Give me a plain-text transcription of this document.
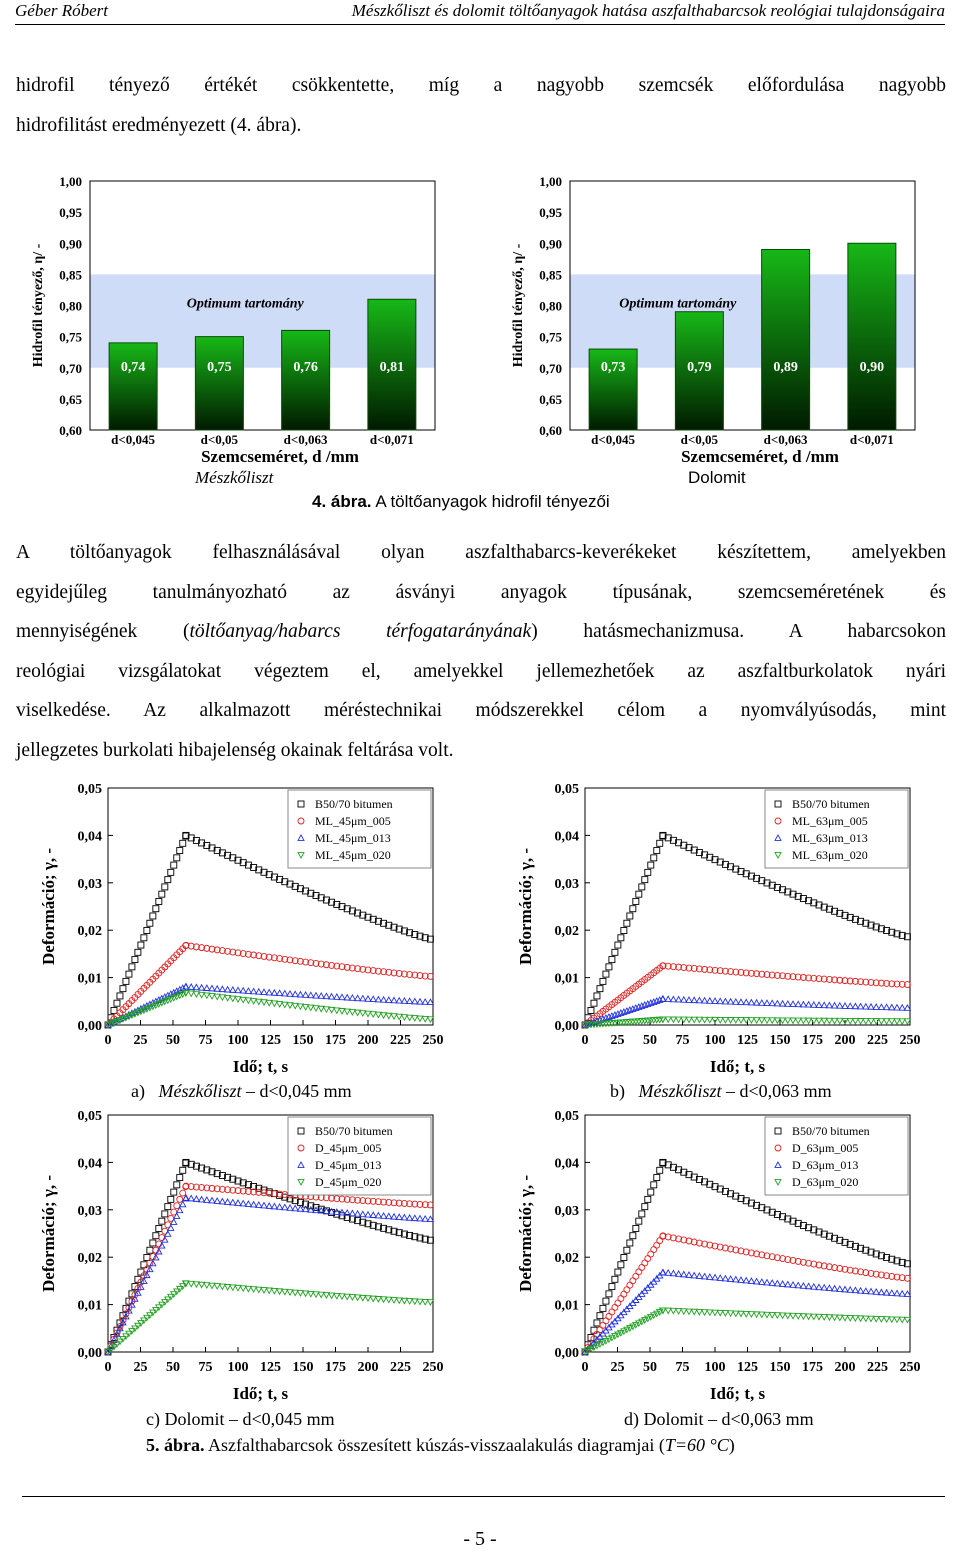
Géber Róbert	Mészkőliszt és dolomit töltőanyagok hatása aszfalthabarcsok reológiai tulajdonságaira
hidrofil tényező értékét csökkentette, míg a nagyobb szemcsék előfordulása nagyobb
hidrofilitást eredményezett (4. ábra).
0,60
0,65
0,70
0,75
0,80
0,85
0,90
0,95
1,00
Hidrofil tényező, η/ -
0,74
d<0,045
0,75
d<0,05
0,76
d<0,063
0,81
d<0,071
Optimum tartomány
Szemcseméret, d /mm
0,60
0,65
0,70
0,75
0,80
0,85
0,90
0,95
1,00
Hidrofil tényező, η/ -
0,73
d<0,045
0,79
d<0,05
0,89
d<0,063
0,90
d<0,071
Optimum tartomány
Szemcseméret, d /mm
Mészkőliszt	Dolomit
4. ábra. A töltőanyagok hidrofil tényezői
A töltőanyagok felhasználásával olyan aszfalthabarcs-keverékeket készítettem, amelyekben
egyidejűleg tanulmányozható az ásványi anyagok típusának, szemcseméretének és
mennyiségének (töltőanyag/habarcs térfogatarányának) hatásmechanizmusa. A habarcsokon
reológiai vizsgálatokat végeztem el, amelyekkel jellemezhetőek az aszfaltburkolatok nyári
viselkedése. Az alkalmazott méréstechnikai módszerekkel célom a nyomvályúsodás, mint
jellegzetes burkolati hibajelenség okainak feltárása volt.
0,00
0,01
0,02
0,03
0,04
0,05
0 25 50 75 100 125 150 175 200 225 250
Idő; t, s
Deformáció; γ, -
B50/70 bitumen
ML_45μm_005
ML_45μm_013
ML_45μm_020
0,00
0,01
0,02
0,03
0,04
0,05
0 25 50 75 100 125 150 175 200 225 250
Idő; t, s
Deformáció; γ, -
B50/70 bitumen
ML_63μm_005
ML_63μm_013
ML_63μm_020
0,00
0,01
0,02
0,03
0,04
0,05
0 25 50 75 100 125 150 175 200 225 250
Idő; t, s
Deformáció; γ, -
B50/70 bitumen
D_45μm_005
D_45μm_013
D_45μm_020
0,00
0,01
0,02
0,03
0,04
0,05
0 25 50 75 100 125 150 175 200 225 250
Idő; t, s
Deformáció; γ, -
B50/70 bitumen
D_63μm_005
D_63μm_013
D_63μm_020
a) Mészkőliszt – d<0,045 mm	b) Mészkőliszt – d<0,063 mm
c) Dolomit – d<0,045 mm	d) Dolomit – d<0,063 mm
5. ábra. Aszfalthabarcsok összesített kúszás-visszaalakulás diagramjai (T=60 °C)
- 5 -
